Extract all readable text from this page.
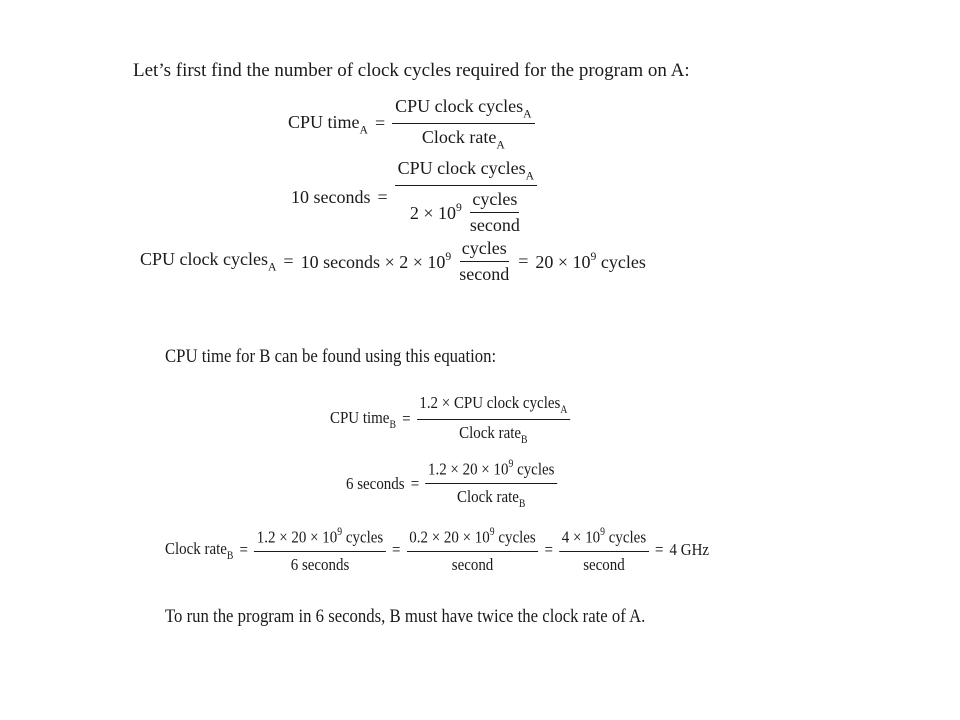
Let’s first find the number of clock cycles required for the program on A:
CPU time$_A$ = $\frac{CPU clock cycles_A}{Clock rate_A}$
10 seconds = $\frac{CPU clock cycles_A}{2 \times 10^9 \frac{\text{cycles}}{\text{second}}}$
CPU clock cycles$_A$ = 10 seconds × $2 \times 10^9 \frac{\text{cycles}}{\text{second}} = 20 \times 10^9$ cycles
CPU time for B can be found using this equation:
CPU time$_B$ = $\frac{1.2 \times CPU clock cycles_A}{Clock rate_B}$
6 seconds = $\frac{1.2 \times 20 \times 10^9 cycles}{Clock rate_B}$
Clock rate$_B$ = $\frac{1.2 \times 20 \times 10^9 cycles}{\text{6 seconds}} = \frac{0.2 \times 20 \times 10^9 cycles}{\text{second}} = \frac{4 \times 10^9 cycles}{\text{second}} = 4$ GHz
To run the program in 6 seconds, B must have twice the clock rate of A.
